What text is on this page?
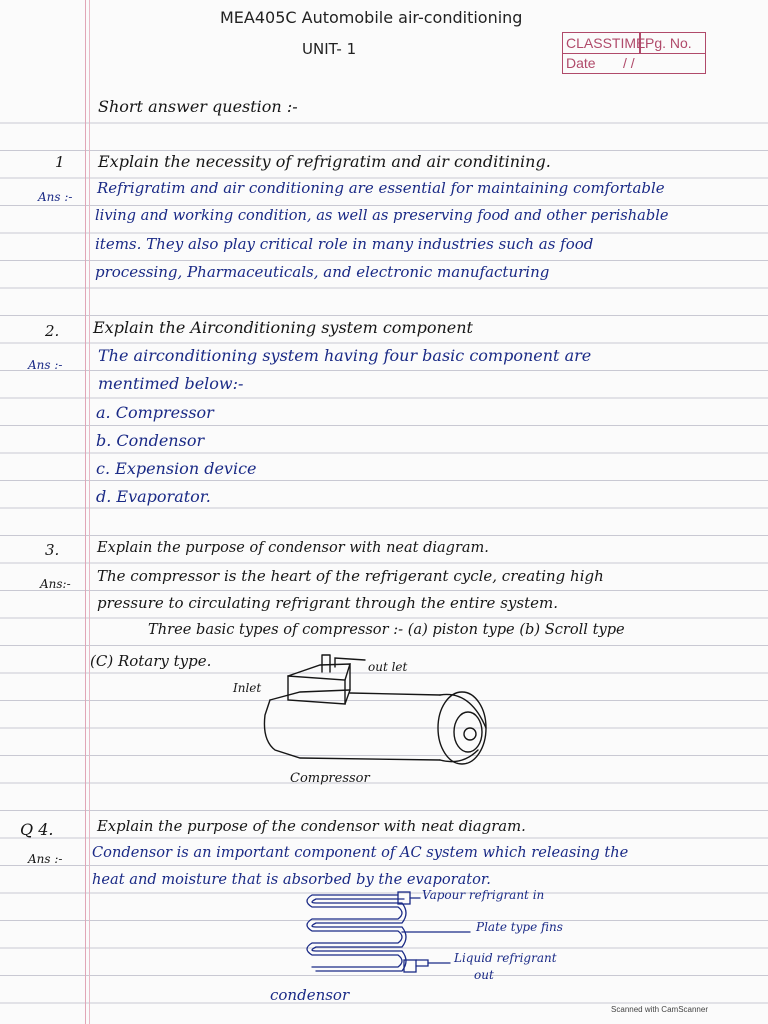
MEA405C Automobile air-conditioning
UNIT- 1	CLASSTIME Pg. No.
Date / /
Short answer question :-
1 Explain the necessity of refrigratim and air conditining.
Ans :- Refrigratim and air conditioning are essential for maintaining comfortable
living and working condition, as well as preserving food and other perishable
items. They also play critical role in many industries such as food
processing, Pharmaceuticals, and electronic manufacturing
2. Explain the Airconditioning system component
Ans :- The airconditioning system having four basic component are
mentimed below:-
a. Compressor
b. Condensor
c. Expension device
d. Evaporator.
3.	Explain the purpose of condensor with neat diagram.
Ans:- The compressor is the heart of the refrigerant cycle, creating high
pressure to circulating refrigrant through the entire system.
Three basic types of compressor :- (a) piston type (b) Scroll type
(C) Rotary type.	out let
Inlet
Compressor
Q 4.	Explain the purpose of the condensor with neat diagram.
Ans :- Condensor is an important component of AC system which releasing the
heat and moisture that is absorbed by the evaporator.
Vapour refrigrant in
Plate type fins
Liquid refrigrant
out
condensor
Scanned with CamScanner
